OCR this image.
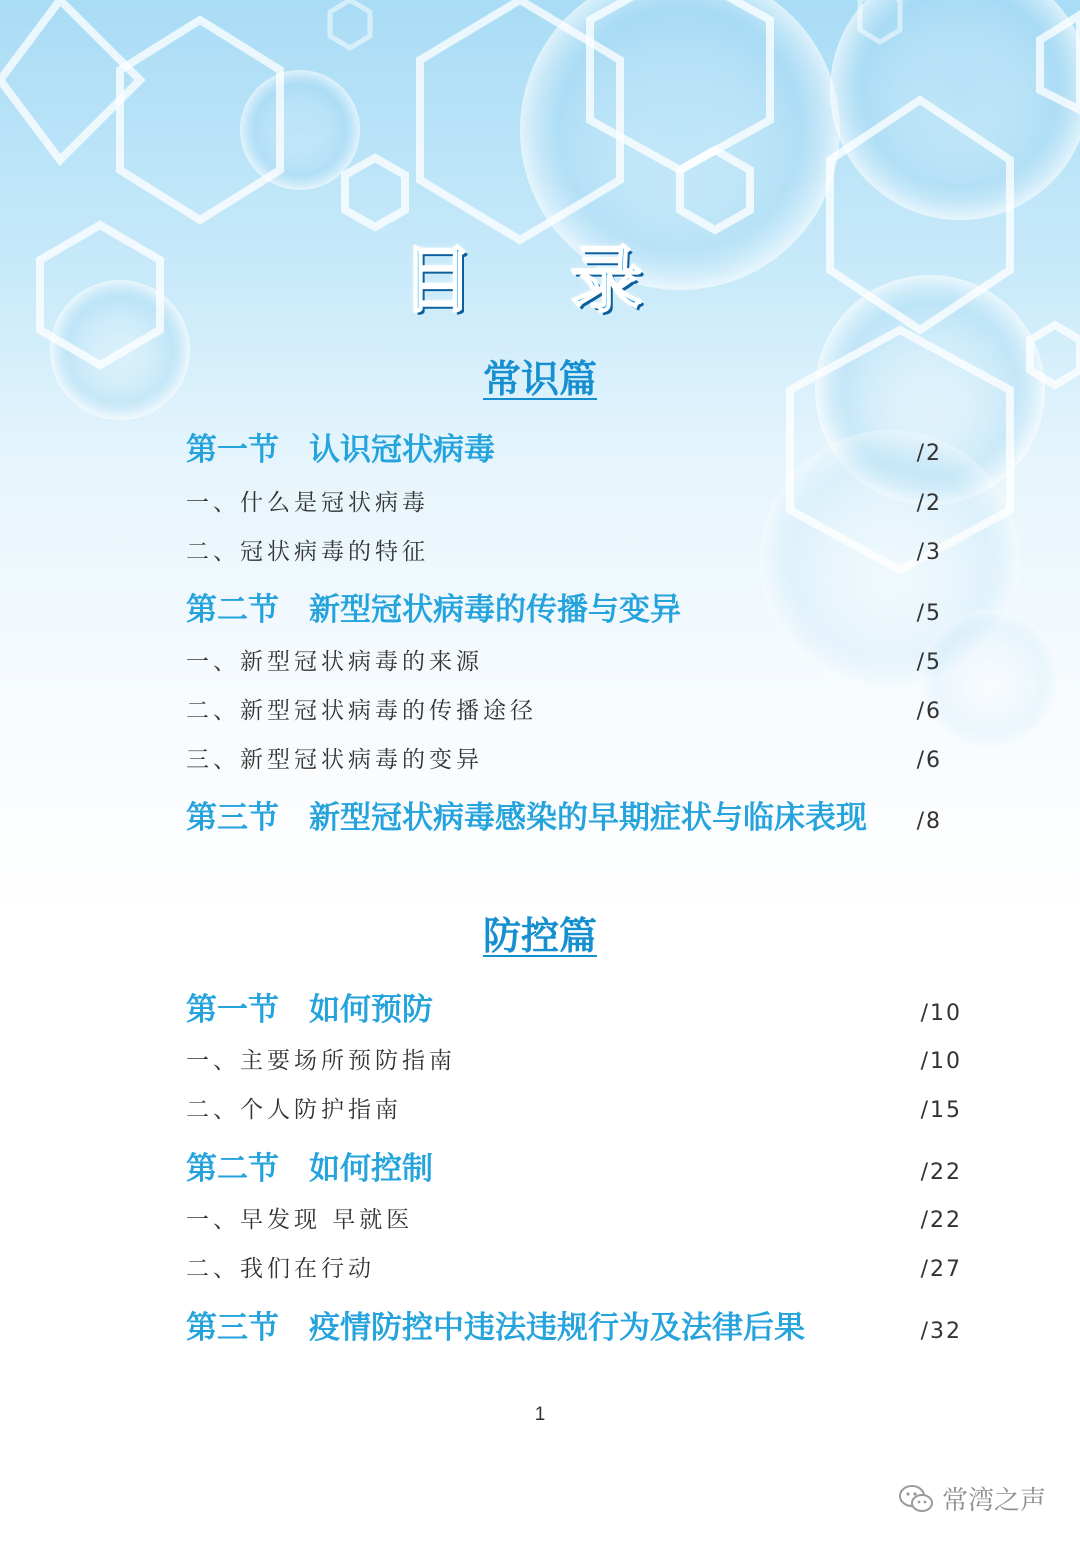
目 录
常识篇
第一节 认识冠状病毒	/2
一、什么是冠状病毒	/2
二、冠状病毒的特征	/3
第二节 新型冠状病毒的传播与变异	/5
一、新型冠状病毒的来源	/5
二、新型冠状病毒的传播途径	/6
三、新型冠状病毒的变异	/6
第三节 新型冠状病毒感染的早期症状与临床表现 /8
防控篇
第一节 如何预防	/10
一、主要场所预防指南	/10
二、个人防护指南	/15
第二节 如何控制	/22
一、早发现 早就医	/22
二、我们在行动	/27
第三节 疫情防控中违法违规行为及法律后果	/32
1
常湾之声
